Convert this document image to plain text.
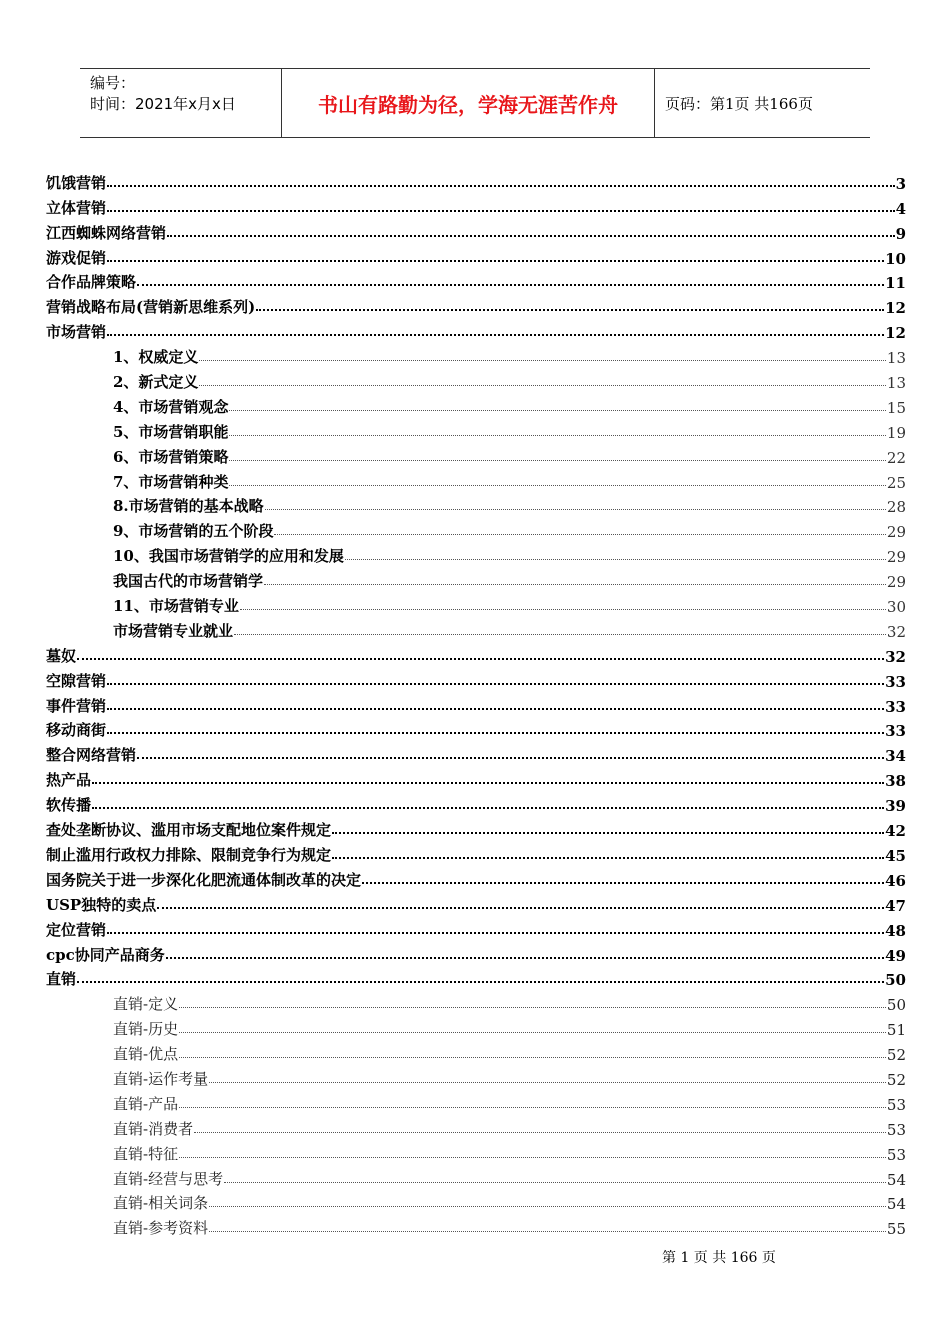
编号：
时间：2021年x月x日	书山有路勤为径，学海无涯苦作舟	页码：第1页 共166页
饥饿营销	3
立体营销	4
江西蜘蛛网络营销	9
游戏促销	10
合作品牌策略	11
营销战略布局(营销新思维系列)	12
市场营销	12
1、权威定义	13
2、新式定义	13
4、市场营销观念	15
5、市场营销职能	19
6、市场营销策略	22
7、市场营销种类	25
8.市场营销的基本战略	28
9、市场营销的五个阶段	29
10、我国市场营销学的应用和发展	29
我国古代的市场营销学	29
11、市场营销专业	30
市场营销专业就业	32
墓奴	32
空隙营销	33
事件营销	33
移动商街	33
整合网络营销	34
热产品	38
软传播	39
查处垄断协议、滥用市场支配地位案件规定	42
制止滥用行政权力排除、限制竞争行为规定	45
国务院关于进一步深化化肥流通体制改革的决定	46
USP独特的卖点	47
定位营销	48
cpc协同产品商务	49
直销	50
直销-定义	50
直销-历史	51
直销-优点	52
直销-运作考量	52
直销-产品	53
直销-消费者	53
直销-特征	53
直销-经营与思考	54
直销-相关词条	54
直销-参考资料	55
第 1 页 共 166 页
